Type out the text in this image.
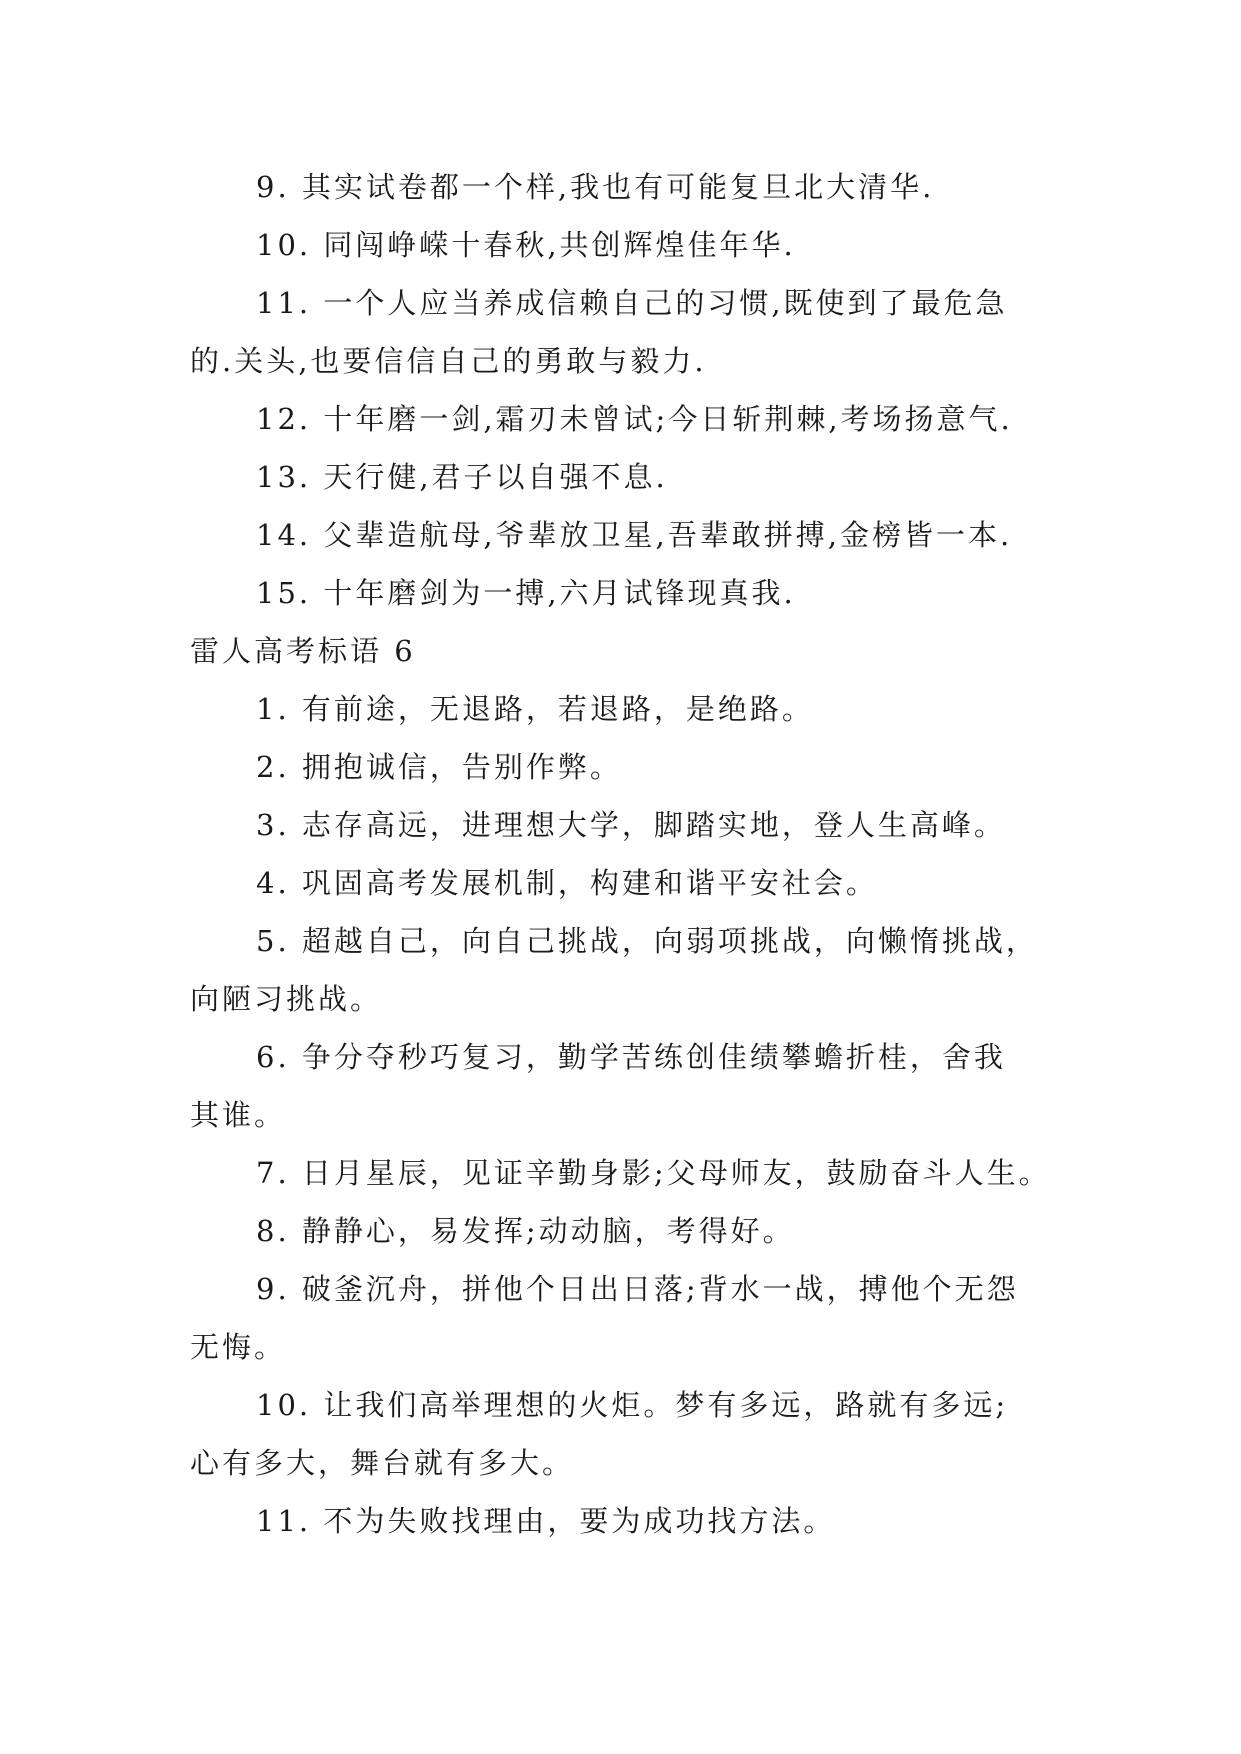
9. 其实试卷都一个样,我也有可能复旦北大清华.
10. 同闯峥嵘十春秋,共创辉煌佳年华.
11. 一个人应当养成信赖自己的习惯,既使到了最危急
的.关头,也要信信自己的勇敢与毅力.
12. 十年磨一剑,霜刃未曾试;今日斩荆棘,考场扬意气.
13. 天行健,君子以自强不息.
14. 父辈造航母,爷辈放卫星,吾辈敢拼搏,金榜皆一本.
15. 十年磨剑为一搏,六月试锋现真我.
雷人高考标语 6
1. 有前途，无退路，若退路，是绝路。
2. 拥抱诚信，告别作弊。
3. 志存高远，进理想大学，脚踏实地，登人生高峰。
4. 巩固高考发展机制，构建和谐平安社会。
5. 超越自己，向自己挑战，向弱项挑战，向懒惰挑战，
向陋习挑战。
6. 争分夺秒巧复习，勤学苦练创佳绩攀蟾折桂，舍我
其谁。
7. 日月星辰，见证辛勤身影;父母师友，鼓励奋斗人生。
8. 静静心，易发挥;动动脑，考得好。
9. 破釜沉舟，拼他个日出日落;背水一战，搏他个无怨
无悔。
10. 让我们高举理想的火炬。梦有多远，路就有多远;
心有多大，舞台就有多大。
11. 不为失败找理由，要为成功找方法。
